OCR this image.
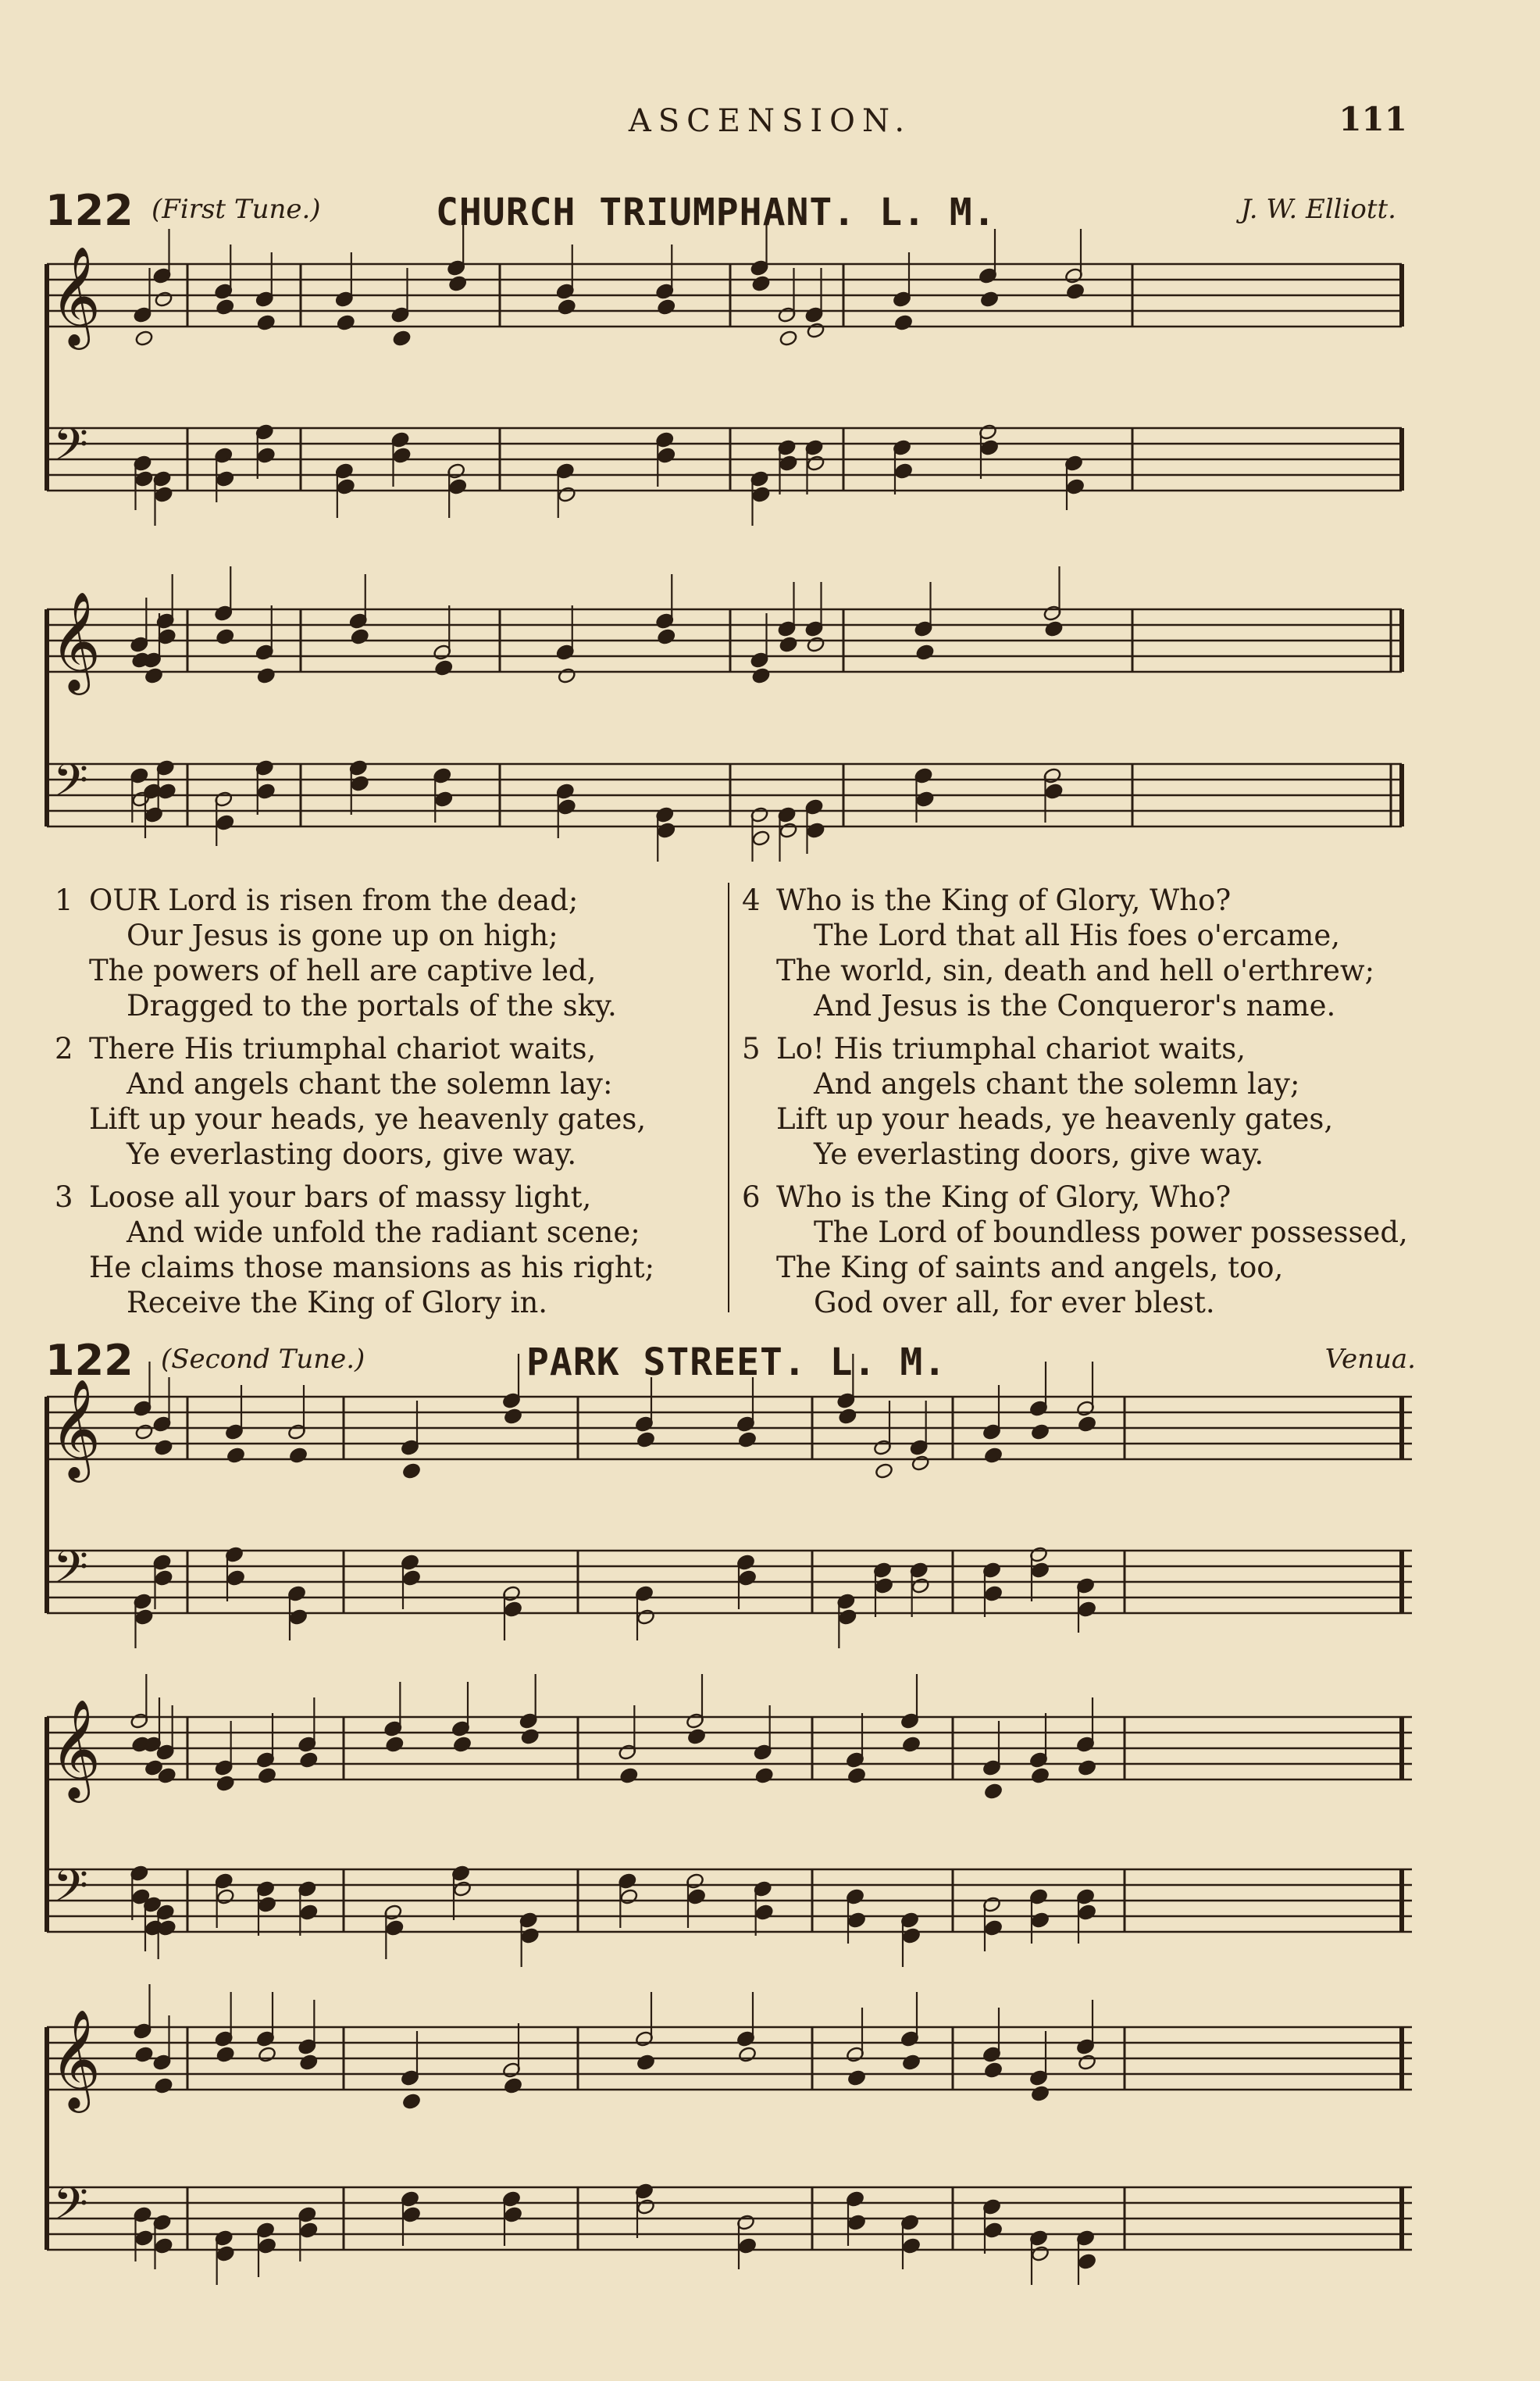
ASCENSION.	111
122 (First Tune.)	CHURCH TRIUMPHANT. L. M.	J. W. Elliott.
122 (Second Tune.)	PARK STREET. L. M.	Venua.
𝄞
𝄢
𝄞
𝄢
𝄞
𝄢
𝄞
𝄢
𝄞
𝄢
1 OUR Lord is risen from the dead;
Our Jesus is gone up on high;
The powers of hell are captive led,
Dragged to the portals of the sky.
2 There His triumphal chariot waits,
And angels chant the solemn lay:
Lift up your heads, ye heavenly gates,
Ye everlasting doors, give way.
3 Loose all your bars of massy light,
And wide unfold the radiant scene;
He claims those mansions as his right;
Receive the King of Glory in.
4 Who is the King of Glory, Who?
The Lord that all His foes o'ercame,
The world, sin, death and hell o'erthrew;
And Jesus is the Conqueror's name.
5 Lo! His triumphal chariot waits,
And angels chant the solemn lay;
Lift up your heads, ye heavenly gates,
Ye everlasting doors, give way.
6 Who is the King of Glory, Who?
The Lord of boundless power possessed,
The King of saints and angels, too,
God over all, for ever blest.
